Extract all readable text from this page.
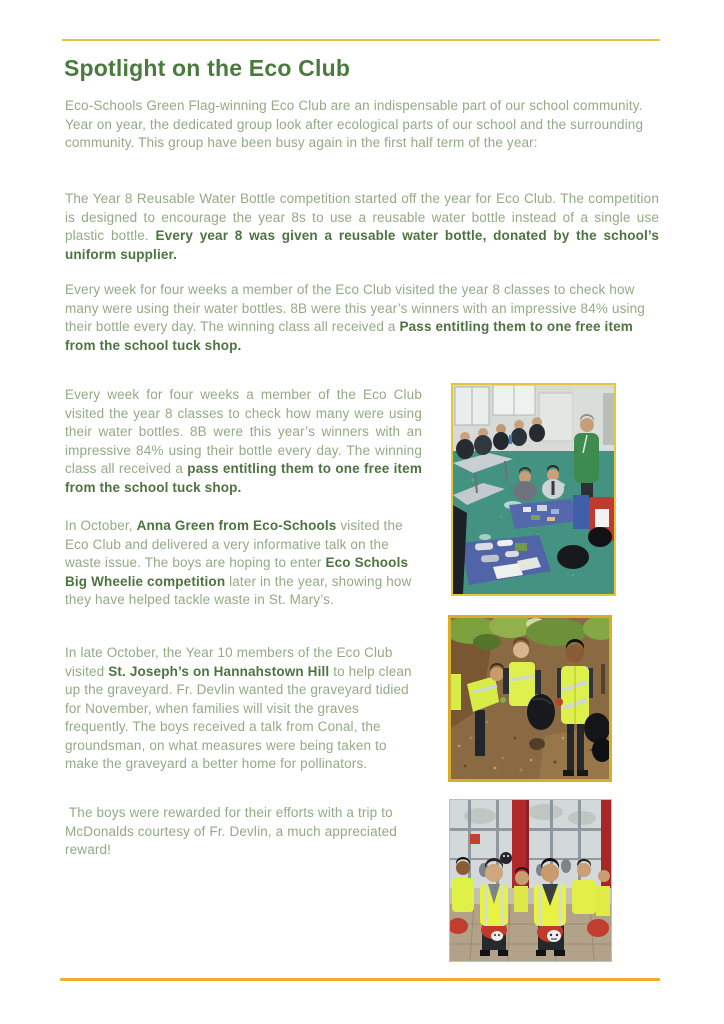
Spotlight on the Eco Club

Eco-Schools Green Flag-winning Eco Club are an indispensable part of our school community. Year on year, the dedicated group look after ecological parts of our school and the surrounding community. This group have been busy again in the first half term of the year:

The Year 8 Reusable Water Bottle competition started off the year for Eco Club. The competition is designed to encourage the year 8s to use a reusable water bottle instead of a single use plastic bottle. Every year 8 was given a reusable water bottle, donated by the school’s uniform supplier.

Every week for four weeks a member of the Eco Club visited the year 8 classes to check how many were using their water bottles. 8B were this year’s winners with an impressive 84% using their bottle every day. The winning class all received a Pass entitling them to one free item from the school tuck shop.

Every week for four weeks a member of the Eco Club visited the year 8 classes to check how many were using their water bottles. 8B were this year’s winners with an impressive 84% using their bottle every day. The winning class all received a pass entitling them to one free item from the school tuck shop.

In October, Anna Green from Eco-Schools visited the Eco Club and delivered a very informative talk on the waste issue. The boys are hoping to enter Eco Schools Big Wheelie competition later in the year, showing how they have helped tackle waste in St. Mary’s.

In late October, the Year 10 members of the Eco Club visited St. Joseph’s on Hannahstown Hill to help clean up the graveyard. Fr. Devlin wanted the graveyard tidied for November, when families will visit the graves frequently. The boys received a talk from Conal, the groundsman, on what measures were being taken to make the graveyard a better home for pollinators.

The boys were rewarded for their efforts with a trip to McDonalds courtesy of Fr. Devlin, a much appreciated reward!
